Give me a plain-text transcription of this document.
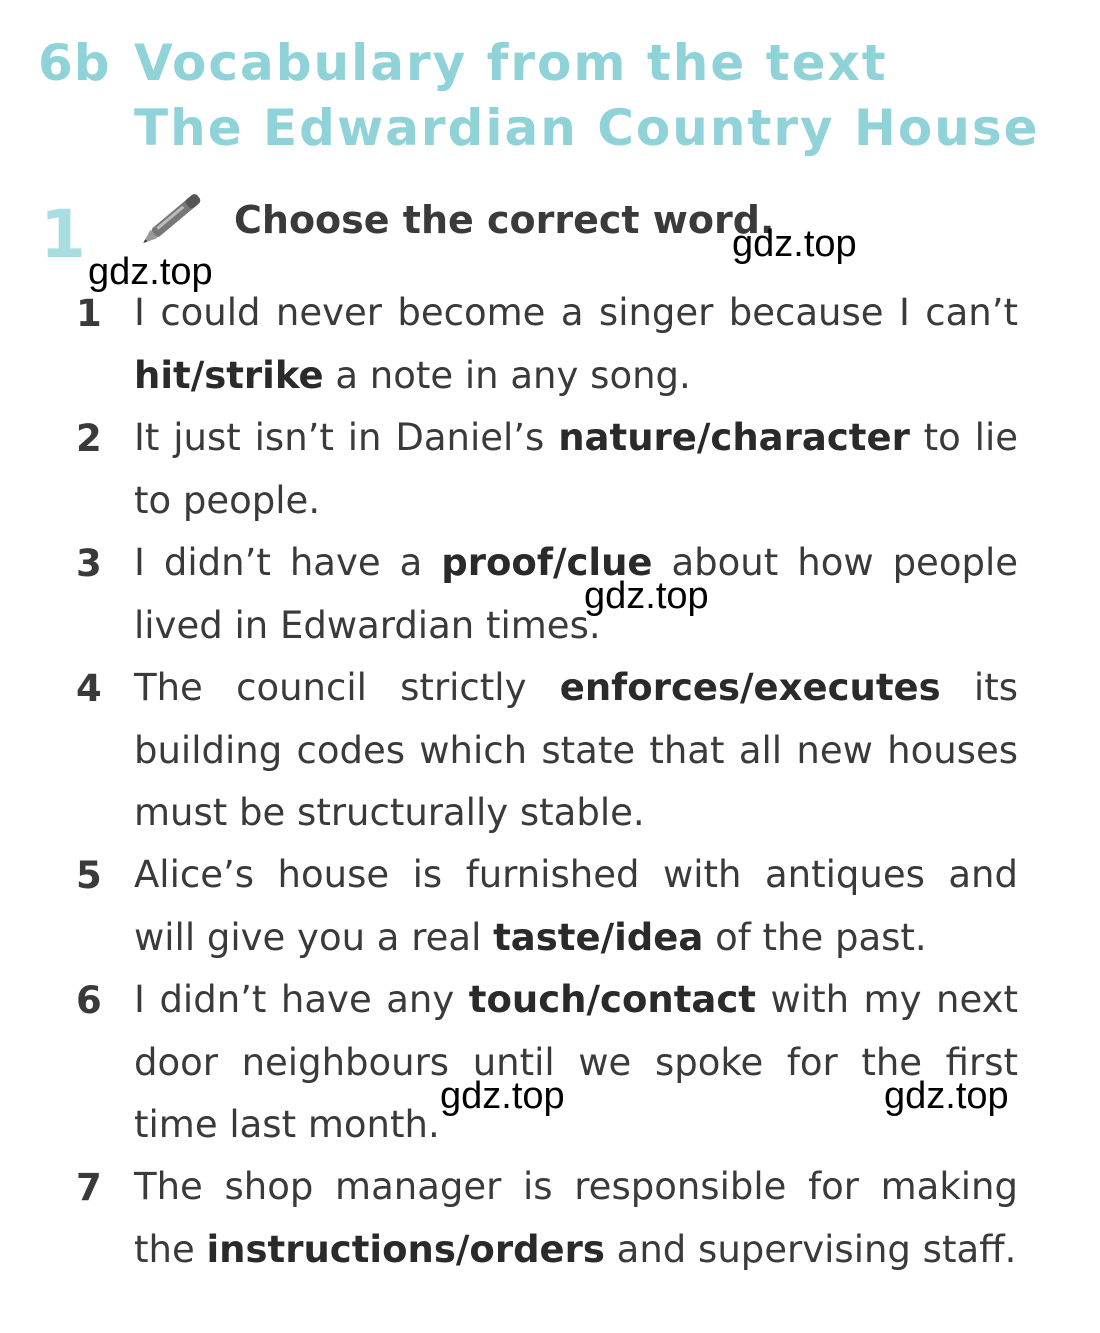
6b Vocabulary from the text
The Edwardian Country House
1	Choose the correct word.
1 I could never become a singer because I can’t hit/strike a note in any song.
2 It just isn’t in Daniel’s nature/character to lie to people.
3 I didn’t have a proof/clue about how people lived in Edwardian times.
4 The council strictly enforces/executes its building codes which state that all new houses must be structurally stable.
5 Alice’s house is furnished with antiques and will give you a real taste/idea of the past.
6 I didn’t have any touch/contact with my next door neighbours until we spoke for the first time last month.
7 The shop manager is responsible for making the instructions/orders and supervising staff.
gdz.top
gdz.top
gdz.top
gdz.top	gdz.top
